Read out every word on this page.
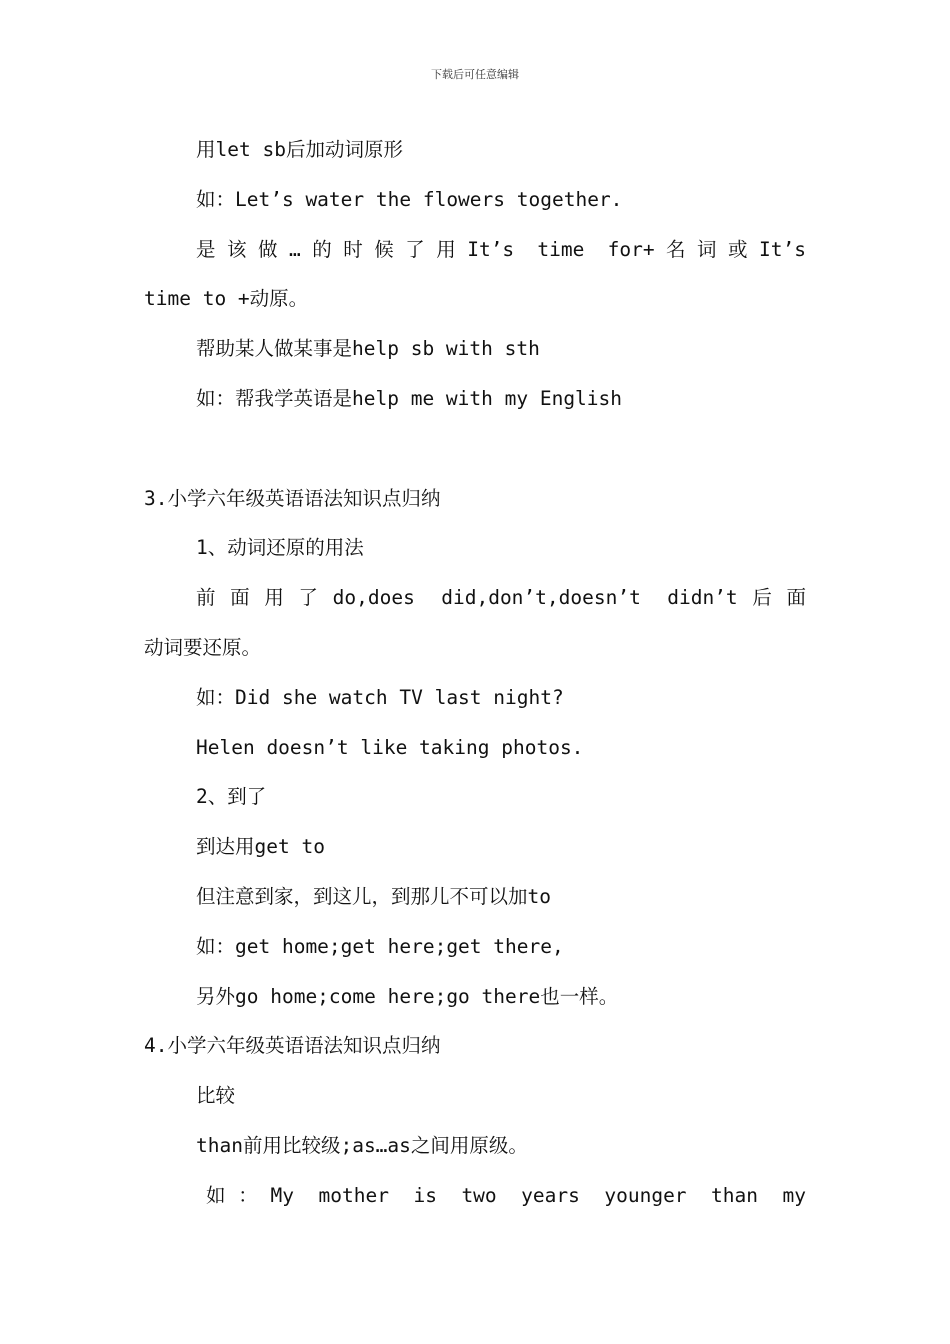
下载后可任意编辑
用let sb后加动词原形
如：Let’s water the flowers together.
是该做…的时候了用It’s time for+名词或It’s
time to +动原。
帮助某人做某事是help sb with sth
如：帮我学英语是help me with my English
3.小学六年级英语语法知识点归纳
1、动词还原的用法
前面用了do,does did,don’t,doesn’t didn’t后面
动词要还原。
如：Did she watch TV last night?
Helen doesn’t like taking photos.
2、到了
到达用get to
但注意到家，到这儿，到那儿不可以加to
如：get home;get here;get there,
另外go home;come here;go there也一样。
4.小学六年级英语语法知识点归纳
比较
than前用比较级;as…as之间用原级。
如：My mother is two years younger than my
